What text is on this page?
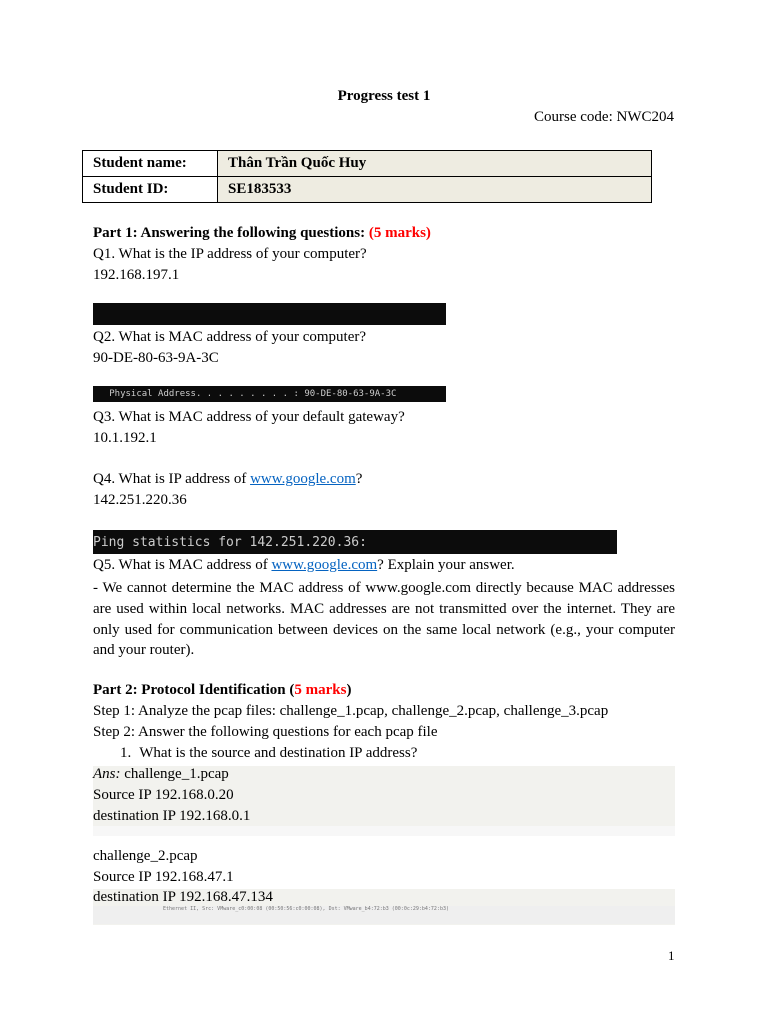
Progress test 1
Course code: NWC204
Student name:	Thân Trần Quốc Huy
Student ID:	SE183533
Part 1: Answering the following questions: (5 marks)
Q1. What is the IP address of your computer?
192.168.197.1

Q2. What is MAC address of your computer?
90-DE-80-63-9A-3C
Physical Address. . . . . . . . . : 90-DE-80-63-9A-3C
Q3. What is MAC address of your default gateway?
10.1.192.1
Q4. What is IP address of www.google.com?
142.251.220.36
Ping statistics for 142.251.220.36:
Q5. What is MAC address of www.google.com? Explain your answer.
- We cannot determine the MAC address of www.google.com directly because MAC addresses are used within local networks. MAC addresses are not transmitted over the internet. They are only used for communication between devices on the same local network (e.g., your computer and your router).
Part 2: Protocol Identification (5 marks)
Step 1: Analyze the pcap files: challenge_1.pcap, challenge_2.pcap, challenge_3.pcap
Step 2: Answer the following questions for each pcap file
1. What is the source and destination IP address?
Ans: challenge_1.pcap
Source IP 192.168.0.20
destination IP 192.168.0.1

challenge_2.pcap
Source IP 192.168.47.1
destination IP 192.168.47.134
Ethernet II, Src: VMware_c0:00:08 (00:50:56:c0:00:08), Dst: VMware_b4:72:b3 (00:0c:29:b4:72:b3)

1
